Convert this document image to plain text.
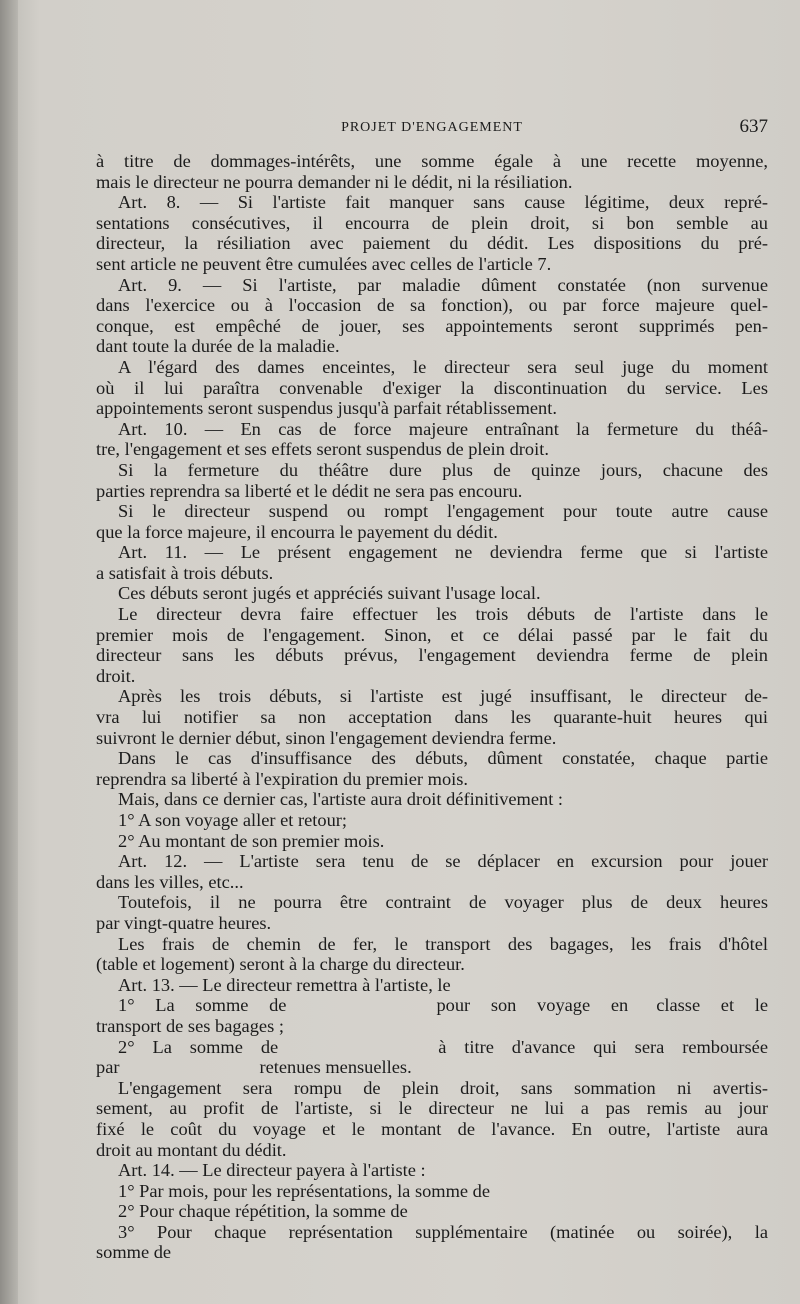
PROJET D'ENGAGEMENT	637
à titre de dommages-intérêts, une somme égale à une recette moyenne,
mais le directeur ne pourra demander ni le dédit, ni la résiliation.
Art. 8. — Si l'artiste fait manquer sans cause légitime, deux repré-
sentations consécutives, il encourra de plein droit, si bon semble au
directeur, la résiliation avec paiement du dédit. Les dispositions du pré-
sent article ne peuvent être cumulées avec celles de l'article 7.
Art. 9. — Si l'artiste, par maladie dûment constatée (non survenue
dans l'exercice ou à l'occasion de sa fonction), ou par force majeure quel-
conque, est empêché de jouer, ses appointements seront supprimés pen-
dant toute la durée de la maladie.
A l'égard des dames enceintes, le directeur sera seul juge du moment
où il lui paraîtra convenable d'exiger la discontinuation du service. Les
appointements seront suspendus jusqu'à parfait rétablissement.
Art. 10. — En cas de force majeure entraînant la fermeture du théâ-
tre, l'engagement et ses effets seront suspendus de plein droit.
Si la fermeture du théâtre dure plus de quinze jours, chacune des
parties reprendra sa liberté et le dédit ne sera pas encouru.
Si le directeur suspend ou rompt l'engagement pour toute autre cause
que la force majeure, il encourra le payement du dédit.
Art. 11. — Le présent engagement ne deviendra ferme que si l'artiste
a satisfait à trois débuts.
Ces débuts seront jugés et appréciés suivant l'usage local.
Le directeur devra faire effectuer les trois débuts de l'artiste dans le
premier mois de l'engagement. Sinon, et ce délai passé par le fait du
directeur sans les débuts prévus, l'engagement deviendra ferme de plein
droit.
Après les trois débuts, si l'artiste est jugé insuffisant, le directeur de-
vra lui notifier sa non acceptation dans les quarante-huit heures qui
suivront le dernier début, sinon l'engagement deviendra ferme.
Dans le cas d'insuffisance des débuts, dûment constatée, chaque partie
reprendra sa liberté à l'expiration du premier mois.
Mais, dans ce dernier cas, l'artiste aura droit définitivement :
1° A son voyage aller et retour;
2° Au montant de son premier mois.
Art. 12. — L'artiste sera tenu de se déplacer en excursion pour jouer
dans les villes, etc...
Toutefois, il ne pourra être contraint de voyager plus de deux heures
par vingt-quatre heures.
Les frais de chemin de fer, le transport des bagages, les frais d'hôtel
(table et logement) seront à la charge du directeur.
Art. 13. — Le directeur remettra à l'artiste, le
1° La somme de	pour son voyage en classe et le
transport de ses bagages ;
2° La somme de	à titre d'avance qui sera remboursée
par	retenues mensuelles.
L'engagement sera rompu de plein droit, sans sommation ni avertis-
sement, au profit de l'artiste, si le directeur ne lui a pas remis au jour
fixé le coût du voyage et le montant de l'avance. En outre, l'artiste aura
droit au montant du dédit.
Art. 14. — Le directeur payera à l'artiste :
1° Par mois, pour les représentations, la somme de
2° Pour chaque répétition, la somme de
3° Pour chaque représentation supplémentaire (matinée ou soirée), la
somme de
